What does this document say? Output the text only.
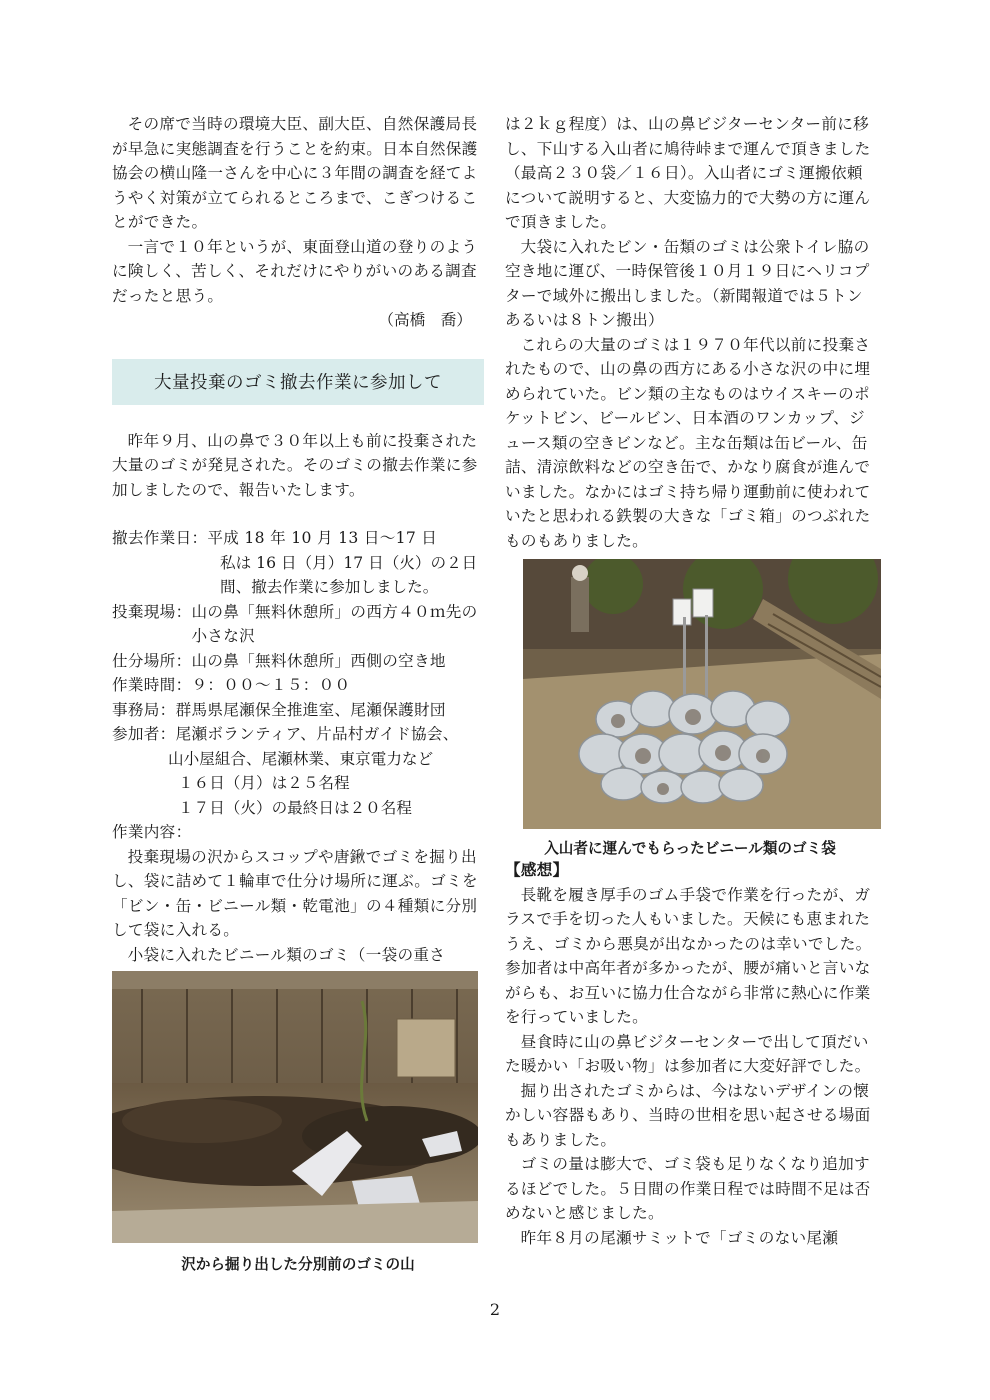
その席で当時の環境大臣、副大臣、自然保護局長が早急に実態調査を行うことを約束。日本自然保護協会の横山隆一さんを中心に３年間の調査を経てようやく対策が立てられるところまで、こぎつけることができた。

一言で１０年というが、東面登山道の登りのように険しく、苦しく、それだけにやりがいのある調査だったと思う。

（高橋　喬）

大量投棄のゴミ撤去作業に参加して

昨年９月、山の鼻で３０年以上も前に投棄された大量のゴミが発見された。そのゴミの撤去作業に参加しましたので、報告いたします。

撤去作業日： 平成 18 年 10 月 13 日〜17 日
私は 16 日（月）17 日（火）の２日間、撤去作業に参加しました。
投棄現場： 山の鼻「無料休憩所」の西方４０ｍ先の小さな沢
仕分場所： 山の鼻「無料休憩所」西側の空き地
作業時間： ９：００〜１５：００
事務局： 群馬県尾瀬保全推進室、尾瀬保護財団
参加者： 尾瀬ボランティア、片品村ガイド協会、
山小屋組合、尾瀬林業、東京電力など
１６日（月）は２５名程
１７日（火）の最終日は２０名程
作業内容：

投棄現場の沢からスコップや唐鍬でゴミを掘り出し、袋に詰めて１輪車で仕分け場所に運ぶ。ゴミを「ビン・缶・ビニール類・乾電池」の４種類に分別して袋に入れる。

小袋に入れたビニール類のゴミ（一袋の重さ

沢から掘り出した分別前のゴミの山

は２ｋｇ程度）は、山の鼻ビジターセンター前に移し、下山する入山者に鳩待峠まで運んで頂きました（最高２３０袋／１６日）。入山者にゴミ運搬依頼について説明すると、大変協力的で大勢の方に運んで頂きました。

大袋に入れたビン・缶類のゴミは公衆トイレ脇の空き地に運び、一時保管後１０月１９日にヘリコプターで域外に搬出しました。（新聞報道では５トンあるいは８トン搬出）

これらの大量のゴミは１９７０年代以前に投棄されたもので、山の鼻の西方にある小さな沢の中に埋められていた。ビン類の主なものはウイスキーのポケットビン、ビールビン、日本酒のワンカップ、ジュース類の空きビンなど。主な缶類は缶ビール、缶詰、清涼飲料などの空き缶で、かなり腐食が進んでいました。なかにはゴミ持ち帰り運動前に使われていたと思われる鉄製の大きな「ゴミ箱」のつぶれたものもありました。

入山者に運んでもらったビニール類のゴミ袋

【感想】

長靴を履き厚手のゴム手袋で作業を行ったが、ガラスで手を切った人もいました。天候にも恵まれたうえ、ゴミから悪臭が出なかったのは幸いでした。参加者は中高年者が多かったが、腰が痛いと言いながらも、お互いに協力仕合ながら非常に熱心に作業を行っていました。

昼食時に山の鼻ビジターセンターで出して頂だいた暖かい「お吸い物」は参加者に大変好評でした。

掘り出されたゴミからは、今はないデザインの懐かしい容器もあり、当時の世相を思い起させる場面もありました。

ゴミの量は膨大で、ゴミ袋も足りなくなり追加するほどでした。５日間の作業日程では時間不足は否めないと感じました。

昨年８月の尾瀬サミットで「ゴミのない尾瀬

2
